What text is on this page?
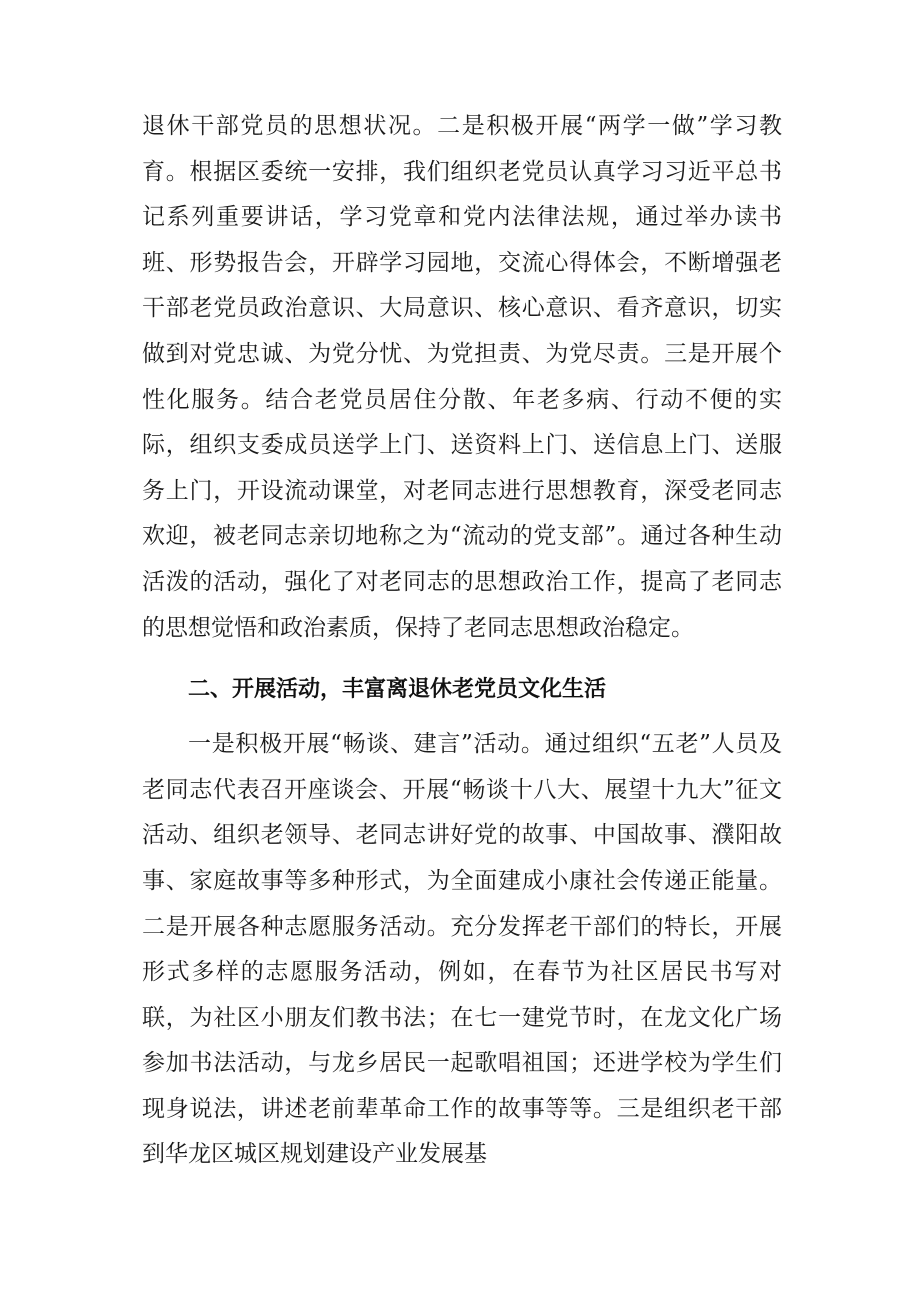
退休干部党员的思想状况。二是积极开展“两学一做”学习教育。根据区委统一安排，我们组织老党员认真学习习近平总书记系列重要讲话，学习党章和党内法律法规，通过举办读书班、形势报告会，开辟学习园地，交流心得体会，不断增强老干部老党员政治意识、大局意识、核心意识、看齐意识，切实做到对党忠诚、为党分忧、为党担责、为党尽责。三是开展个性化服务。结合老党员居住分散、年老多病、行动不便的实际，组织支委成员送学上门、送资料上门、送信息上门、送服务上门，开设流动课堂，对老同志进行思想教育，深受老同志欢迎，被老同志亲切地称之为“流动的党支部”。通过各种生动活泼的活动，强化了对老同志的思想政治工作，提高了老同志的思想觉悟和政治素质，保持了老同志思想政治稳定。

二、开展活动，丰富离退休老党员文化生活

一是积极开展“畅谈、建言”活动。通过组织“五老”人员及老同志代表召开座谈会、开展“畅谈十八大、展望十九大”征文活动、组织老领导、老同志讲好党的故事、中国故事、濮阳故事、家庭故事等多种形式，为全面建成小康社会传递正能量。二是开展各种志愿服务活动。充分发挥老干部们的特长，开展形式多样的志愿服务活动，例如，在春节为社区居民书写对联，为社区小朋友们教书法；在七一建党节时，在龙文化广场参加书法活动，与龙乡居民一起歌唱祖国；还进学校为学生们现身说法，讲述老前辈革命工作的故事等等。三是组织老干部到华龙区城区规划建设产业发展基
